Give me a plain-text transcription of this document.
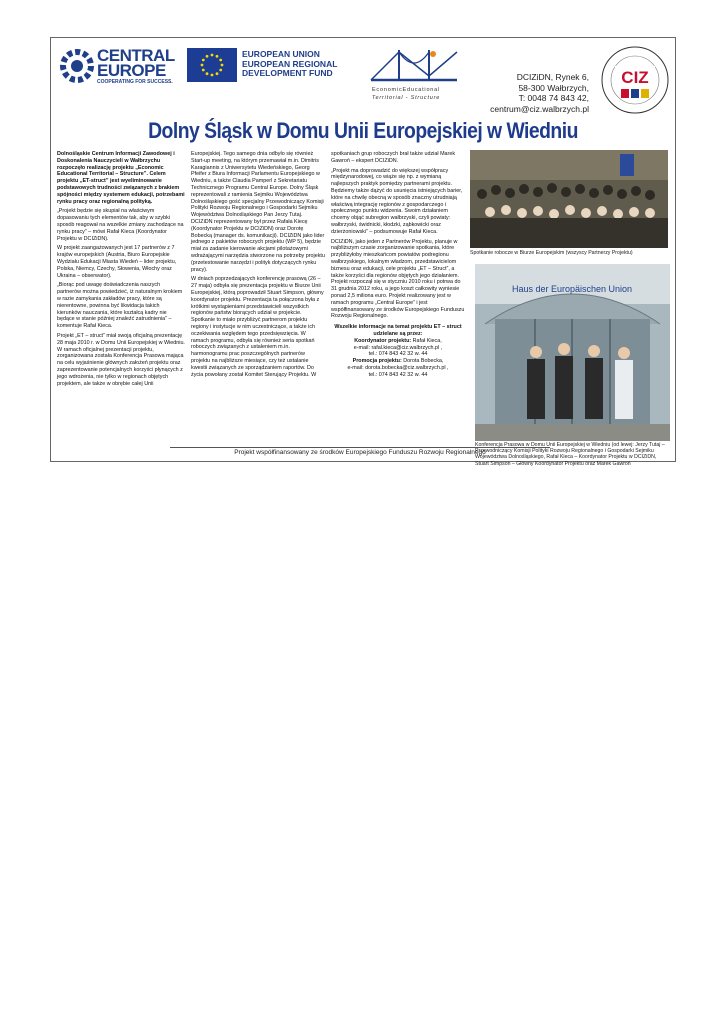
CENTRAL
EUROPE
COOPERATING FOR SUCCESS.
EUROPEAN UNION
EUROPEAN REGIONAL
DEVELOPMENT FUND
EconomicEducational
Territorial - Structure
DCIZiDN, Rynek 6,
58-300 Wałbrzych,
T: 0048 74 843 42,
centrum@ciz.walbrzych.pl
CIZ
Dolny Śląsk w Domu Unii Europejskiej w Wiedniu

Dolnośląskie Centrum Informacji Zawodowej i Doskonalenia Nauczycieli w Wałbrzychu rozpoczęło realizację projektu „Economic Educational Territorial – Structure”. Celem projektu „ET-struct” jest wyeliminowanie podstawowych trudności związanych z brakiem spójności między systemem edukacji, potrzebami rynku pracy oraz regionalną polityką.

„Projekt będzie się skupiał na właściwym dopasowaniu tych elementów tak, aby w szybki sposób reagował na wszelkie zmiany zachodzące na rynku pracy” – mówi Rafał Kieca (Koordynator Projektu w DCIZiDN).

W projekt zaangażowanych jest 17 partnerów z 7 krajów europejskich (Austria, Biuro Europejskie Wydziału Edukacji Miasta Wiedeń – lider projektu, Polska, Niemcy, Czechy, Słowenia, Włochy oraz Ukraina – obserwator).

„Biorąc pod uwagę doświadczenia naszych partnerów można powiedzieć, iż naturalnym krokiem w razie zamykania zakładów pracy, które są nierentowne, powinna być likwidacja takich kierunków nauczania, które kształcą kadry nie będące w stanie później znaleźć zatrudnienia” – komentuje Rafał Kieca.

Projekt „ET – struct” miał swoją oficjalną prezentację 28 maja 2010 r. w Domu Unii Europejskiej w Wiedniu. W ramach oficjalnej prezentacji projektu, zorganizowana została Konferencja Prasowa mająca na celu wyjaśnienie głównych założeń projektu oraz zaprezentowanie potencjalnych korzyści płynących z jego wdrożenia, nie tylko w regionach objętych projektem, ale także w obrębie całej Unii

Europejskiej. Tego samego dnia odbyło się również Start-up meeting, na którym przemawiał m.in. Dimitris Karagiannis z Uniwersytetu Wiedeńskiego, Georg Pfeifer z Biura Informacji Parlamentu Europejskiego w Wiedniu, a także Claudia Pamperl z Sekretariatu Technicznego Programu Central Europe. Dolny Śląsk reprezentowali z ramienia Sejmiku Województwa Dolnośląskiego gość specjalny Przewodniczący Komisji Polityki Rozwoju Regionalnego i Gospodarki Sejmiku Województwa Dolnośląskiego Pan Jerzy Tutaj. DCIZiDN reprezentowany był przez Rafała Kiecę (Koordynator Projektu w DCIZiDN) oraz Dorotę Bobecką (manager ds. komunikacji). DCIZiDN jako lider jednego z pakietów roboczych projektu (WP 5), będzie miał za zadanie kierowanie akcjami pilotażowymi wdrażającymi narzędzia stworzone na potrzeby projektu (przetestowanie narzędzi i polityk dotyczących rynku pracy).

W dniach poprzedzających konferencję prasową (26 – 27 maja) odbyła się prezentacja projektu w Biurze Unii Europejskiej, którą poprowadził Stuart Simpson, główny koordynator projektu. Prezentacja ta połączona była z krótkimi wystąpieniami przedstawicieli wszystkich regionów państw biorących udział w projekcie. Spotkanie to miało przybliżyć partnerom projektu regiony i instytucje w nim uczestniczące, a także ich oczekiwania względem tego przedsięwzięcia. W ramach programu, odbyła się również seria spotkań roboczych związanych z ustaleniem m.in. harmonogramu prac poszczególnych partnerów projektu na najbliższe miesiące, czy też ustalanie kwestii związanych ze sporządzaniem raportów. Do życia powołany został Komitet Sterujący Projektu. W

spotkaniach grup roboczych brał także udział Marek Gawroń – ekspert DCIZiDN.

„Projekt ma doprowadzić do większej współpracy międzynarodowej, co wiąże się np. z wymianą najlepszych praktyk pomiędzy partnerami projektu. Będziemy także dążyć do usunięcia istniejących barier, które na chwilę obecną w sposób znaczny utrudniają właściwą integrację regionów z gospodarczego i społecznego punktu widzenia. Swoim działaniem chcemy objąć subregion wałbrzyski, czyli powiaty: wałbrzyski, świdnicki, kłodzki, ząbkowicki oraz dzierżoniowski” – podsumowuje Rafał Kieca.

DCIZiDN, jako jeden z Partnerów Projektu, planuje w najbliższym czasie zorganizowanie spotkania, które przybliżyłoby mieszkańcom powiatów podregionu wałbrzyskiego, lokalnym władzom, przedstawicielom biznesu oraz edukacji, cele projektu „ET – Struct”, a także korzyści dla regionów objętych jego działaniem. Projekt rozpoczął się w styczniu 2010 roku i potrwa do 31 grudnia 2012 roku, a jego koszt całkowity wyniesie ponad 2,5 miliona euro. Projekt realizowany jest w ramach programu „Central Europe” i jest współfinansowany ze środków Europejskiego Funduszu Rozwoju Regionalnego.

Wszelkie informacje na temat projektu ET – struct udzielane są przez:
Koordynator projektu: Rafał Kieca,
e-mail: rafal.kieca@ciz.walbrzych.pl ,
tel.: 074 843 42 32 w. 44
Promocja projektu: Dorota Bobecka,
e-mail: dorota.bobecka@ciz.walbrzych.pl ,
tel.: 074 843 42 32 w. 44
Spotkanie robocze w Biurze Europejskim (wszyscy Partnerzy Projektu)
Haus der Europäischen Union
Konferencja Prasowa w Domu Unii Europejskiej w Wiedniu (od lewej: Jerzy Tutaj – Przewodniczący Komisji Polityki Rozwoju Regionalnego i Gospodarki Sejmiku Województwa Dolnośląskiego, Rafał Kieca – Koordynator Projektu w DCIZiDN, Stuart Simpson – Główny Koordynator Projektu oraz Marek Gawroń
Projekt współfinansowany ze środków Europejskiego Funduszu Rozwoju Regionalnego
